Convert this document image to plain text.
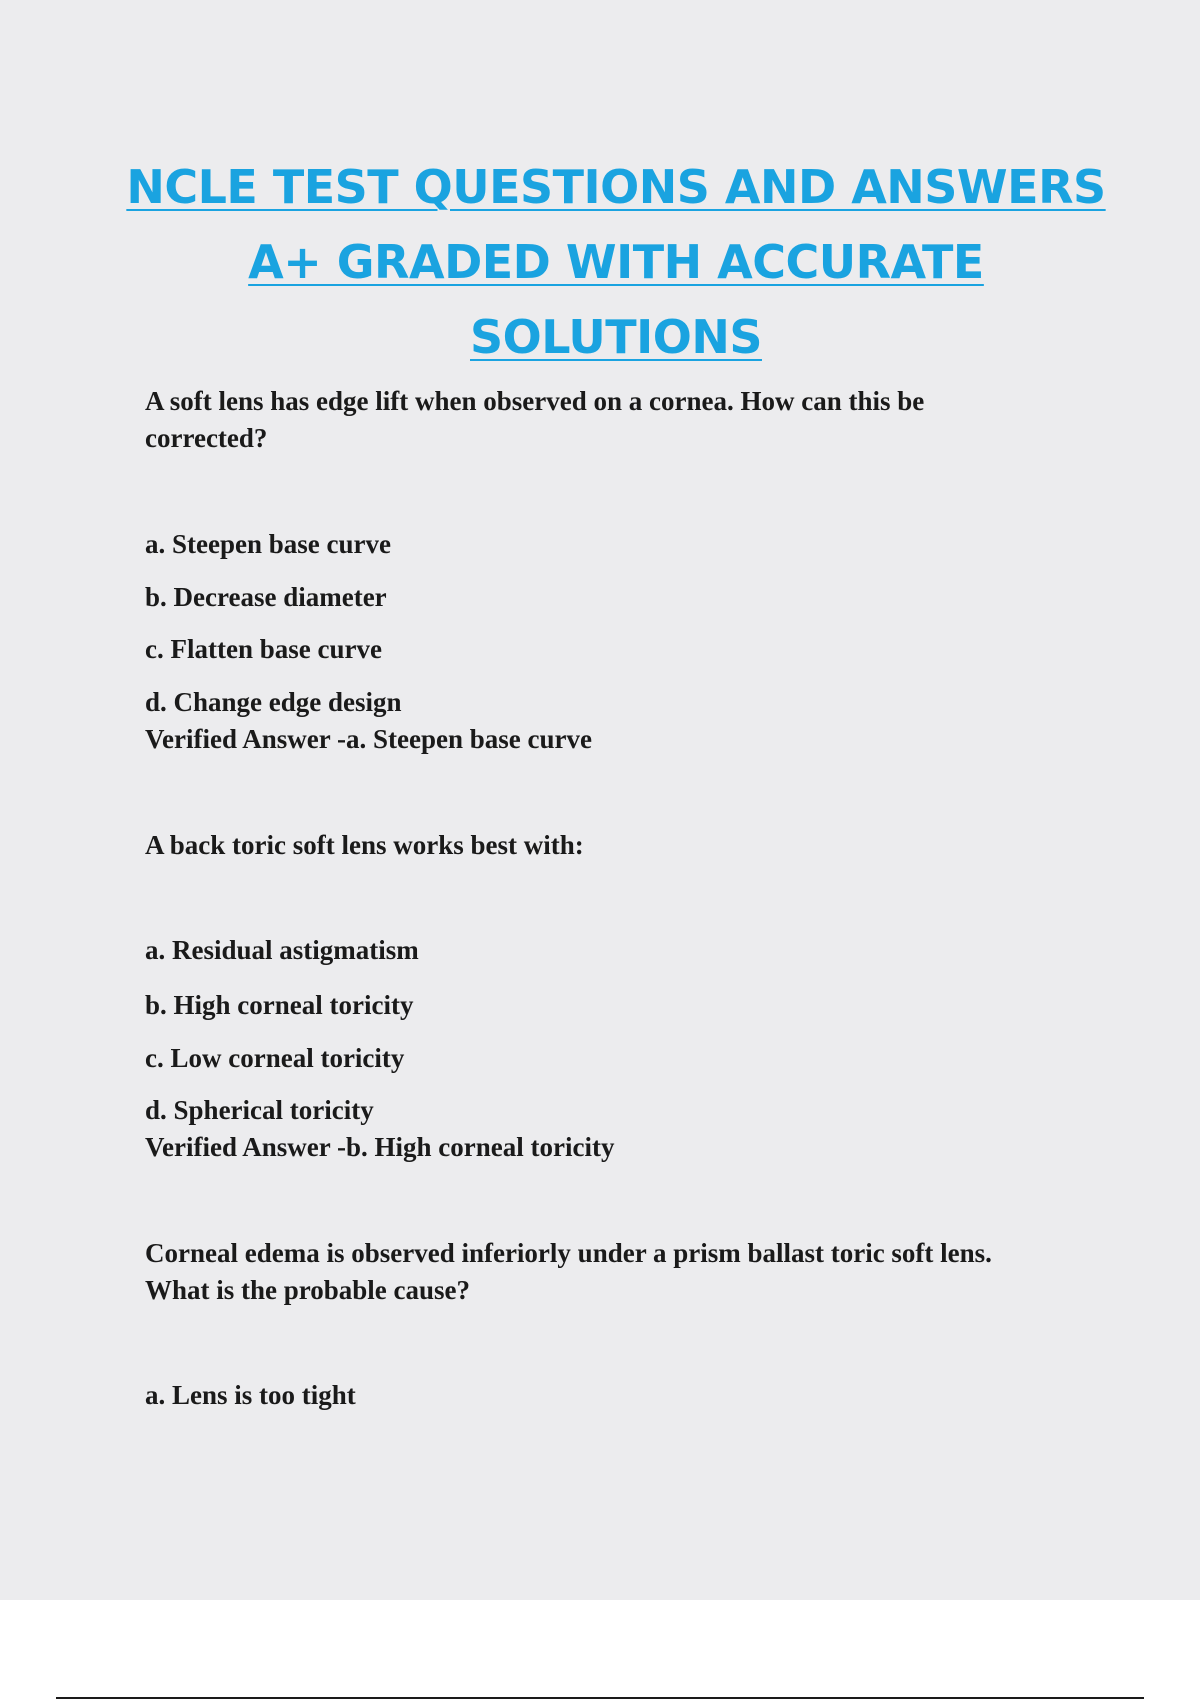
NCLE TEST QUESTIONS AND ANSWERS
A+ GRADED WITH ACCURATE
SOLUTIONS
A soft lens has edge lift when observed on a cornea. How can this be
corrected?
a. Steepen base curve
b. Decrease diameter
c. Flatten base curve
d. Change edge design
Verified Answer -a. Steepen base curve
A back toric soft lens works best with:
a. Residual astigmatism
b. High corneal toricity
c. Low corneal toricity
d. Spherical toricity
Verified Answer -b. High corneal toricity
Corneal edema is observed inferiorly under a prism ballast toric soft lens.
What is the probable cause?
a. Lens is too tight
